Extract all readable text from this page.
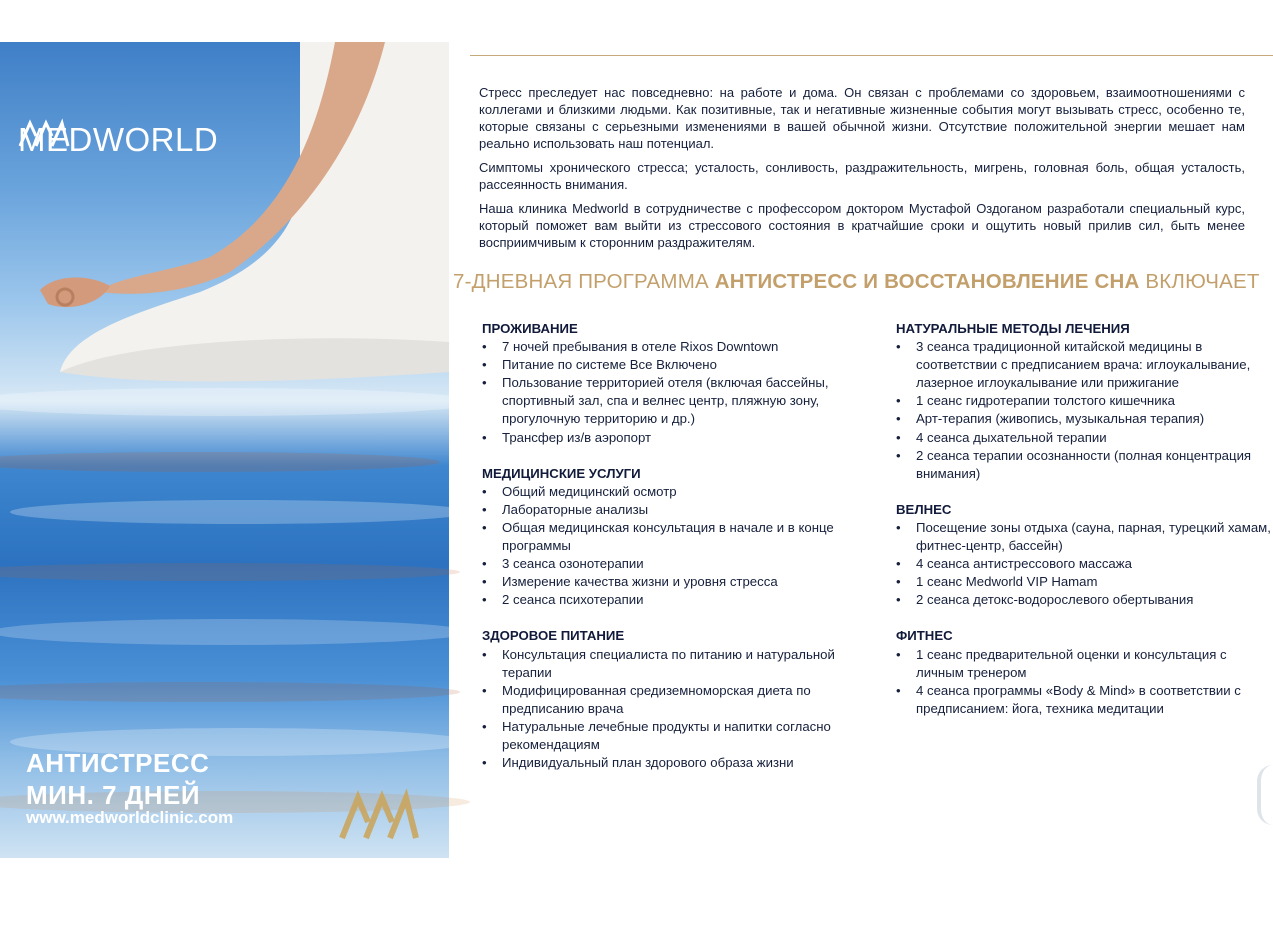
MEDWORLD
LEVEL TRAVEL
АНТИСТРЕСС
МИН. 7 ДНЕЙ
www.medworldclinic.com

Стресс преследует нас повседневно: на работе и дома. Он связан с проблемами со здоровьем, взаимоотношениями с коллегами и близкими людьми. Как позитивные, так и негативные жизненные события могут вызывать стресс, особенно те, которые связаны с серьезными изменениями в вашей обычной жизни. Отсутствие положительной энергии мешает нам реально использовать наш потенциал.

Симптомы хронического стресса; усталость, сонливость, раздражительность, мигрень, головная боль, общая усталость, рассеянность внимания.

Наша клиника Medworld в сотрудничестве с профессором доктором Мустафой Оздоганом разработали специальный курс, который поможет вам выйти из стрессового состояния в кратчайшие сроки и ощутить новый прилив сил, быть менее восприимчивым к сторонним раздражителям.

7-ДНЕВНАЯ ПРОГРАММА АНТИСТРЕСС И ВОССТАНОВЛЕНИЕ СНА ВКЛЮЧАЕТ
ПРОЖИВАНИЕ
• 7 ночей пребывания в отеле Rixos Downtown
• Питание по системе Все Включено
• Пользование территорией отеля (включая бассейны, спортивный зал, спа и велнес центр, пляжную зону, прогулочную территорию и др.)
• Трансфер из/в аэропорт
МЕДИЦИНСКИЕ УСЛУГИ
• Общий медицинский осмотр
• Лабораторные анализы
• Общая медицинская консультация в начале и в конце программы
• 3 сеанса озонотерапии
• Измерение качества жизни и уровня стресса
• 2 сеанса психотерапии
ЗДОРОВОЕ ПИТАНИЕ
• Консультация специалиста по питанию и натуральной терапии
• Модифицированная средиземноморская диета по предписанию врача
• Натуральные лечебные продукты и напитки согласно рекомендациям
• Индивидуальный план здорового образа жизни
НАТУРАЛЬНЫЕ МЕТОДЫ ЛЕЧЕНИЯ
• 3 сеанса традиционной китайской медицины в соответствии с предписанием врача: иглоукалывание, лазерное иглоукалывание или прижигание
• 1 сеанс гидротерапии толстого кишечника
• Арт-терапия (живопись, музыкальная терапия)
• 4 сеанса дыхательной терапии
• 2 сеанса терапии осознанности (полная концентрация внимания)
ВЕЛНЕС
• Посещение зоны отдыха (сауна, парная, турецкий хамам, фитнес-центр, бассейн)
• 4 сеанса антистрессового массажа
• 1 сеанс Medworld VIP Hamam
• 2 сеанса детокс-водорослевого обертывания
ФИТНЕС
• 1 сеанс предварительной оценки и консультация с личным тренером
• 4 сеанса программы «Body & Mind» в соответствии с предписанием: йога, техника медитации
